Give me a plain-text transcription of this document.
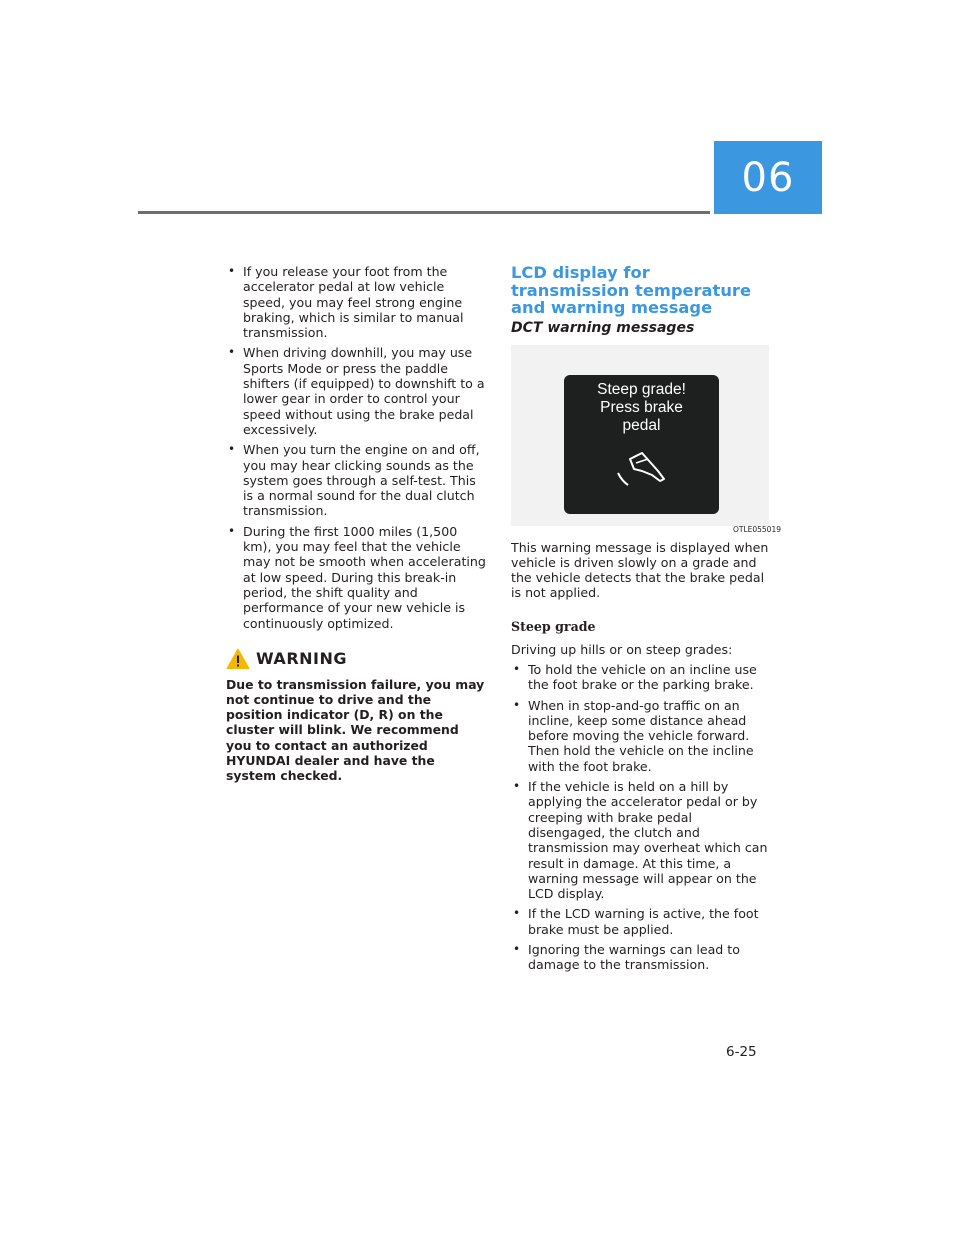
06
• If you release your foot from the accelerator pedal at low vehicle speed, you may feel strong engine braking, which is similar to manual transmission.
• When driving downhill, you may use Sports Mode or press the paddle shifters (if equipped) to downshift to a lower gear in order to control your speed without using the brake pedal excessively.
• When you turn the engine on and off, you may hear clicking sounds as the system goes through a self-test. This is a normal sound for the dual clutch transmission.
• During the first 1000 miles (1,500 km), you may feel that the vehicle may not be smooth when accelerating at low speed. During this break-in period, the shift quality and performance of your new vehicle is continuously optimized.
WARNING
Due to transmission failure, you may not continue to drive and the position indicator (D, R) on the cluster will blink. We recommend you to contact an authorized HYUNDAI dealer and have the system checked.
LCD display for transmission temperature and warning message
DCT warning messages
Steep grade!
Press brake
pedal
OTLE055019
This warning message is displayed when vehicle is driven slowly on a grade and the vehicle detects that the brake pedal is not applied.
Steep grade
Driving up hills or on steep grades:
• To hold the vehicle on an incline use the foot brake or the parking brake.
• When in stop-and-go traffic on an incline, keep some distance ahead before moving the vehicle forward. Then hold the vehicle on the incline with the foot brake.
• If the vehicle is held on a hill by applying the accelerator pedal or by creeping with brake pedal disengaged, the clutch and transmission may overheat which can result in damage. At this time, a warning message will appear on the LCD display.
• If the LCD warning is active, the foot brake must be applied.
• Ignoring the warnings can lead to damage to the transmission.
6-25
